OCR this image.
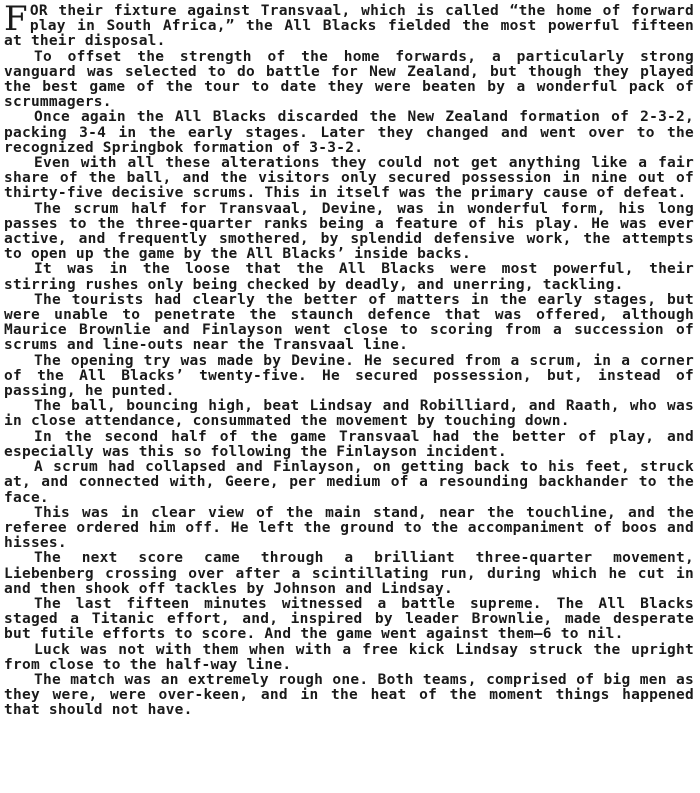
FOR their fixture against Transvaal, which is called “the home of forward play in South Africa,” the All Blacks fielded the most powerful fifteen at their disposal.

To offset the strength of the home forwards, a particularly strong vanguard was selected to do battle for New Zealand, but though they played the best game of the tour to date they were beaten by a wonderful pack of scrummagers.

Once again the All Blacks discarded the New Zealand formation of 2-3-2, packing 3-4 in the early stages. Later they changed and went over to the recognized Springbok formation of 3-3-2.

Even with all these alterations they could not get anything like a fair share of the ball, and the visitors only secured possession in nine out of thirty-five decisive scrums. This in itself was the primary cause of defeat.

The scrum half for Transvaal, Devine, was in wonderful form, his long passes to the three-quarter ranks being a feature of his play. He was ever active, and frequently smothered, by splendid defensive work, the attempts to open up the game by the All Blacks’ inside backs.

It was in the loose that the All Blacks were most powerful, their stirring rushes only being checked by deadly, and unerring, tackling.

The tourists had clearly the better of matters in the early stages, but were unable to penetrate the staunch defence that was offered, although Maurice Brownlie and Finlayson went close to scoring from a succession of scrums and line-outs near the Transvaal line.

The opening try was made by Devine. He secured from a scrum, in a corner of the All Blacks’ twenty-five. He secured possession, but, instead of passing, he punted.

The ball, bouncing high, beat Lindsay and Robilliard, and Raath, who was in close attendance, consummated the movement by touching down.

In the second half of the game Transvaal had the better of play, and especially was this so following the Finlayson incident.

A scrum had collapsed and Finlayson, on getting back to his feet, struck at, and connected with, Geere, per medium of a resounding backhander to the face.

This was in clear view of the main stand, near the touchline, and the referee ordered him off. He left the ground to the accompaniment of boos and hisses.

The next score came through a brilliant three-quarter movement, Liebenberg crossing over after a scintillating run, during which he cut in and then shook off tackles by Johnson and Lindsay.

The last fifteen minutes witnessed a battle supreme. The All Blacks staged a Titanic effort, and, inspired by leader Brownlie, made desperate but futile efforts to score. And the game went against them—6 to nil.

Luck was not with them when with a free kick Lindsay struck the upright from close to the half-way line.

The match was an extremely rough one. Both teams, comprised of big men as they were, were over-keen, and in the heat of the moment things happened that should not have.
